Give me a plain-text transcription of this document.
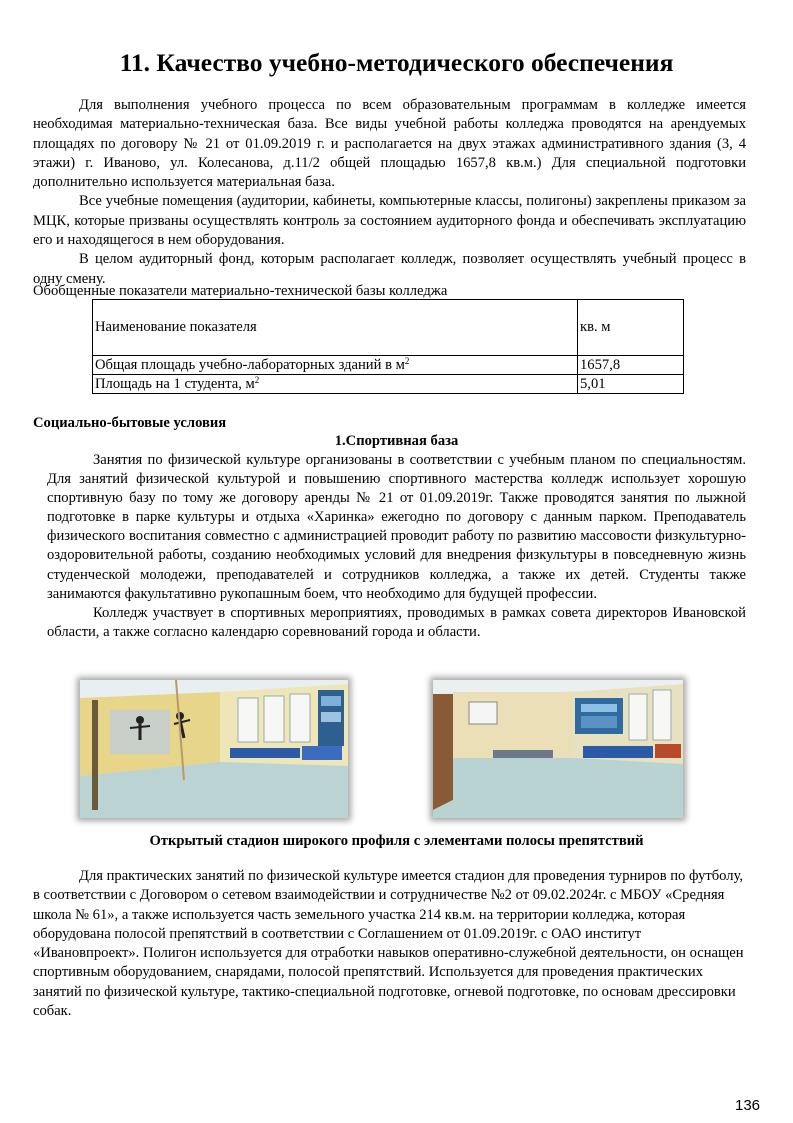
11. Качество учебно-методического обеспечения

Для выполнения учебного процесса по всем образовательным программам в колледже имеется необходимая материально-техническая база. Все виды учебной работы колледжа проводятся на арендуемых площадях по договору № 21 от 01.09.2019 г. и располагается на двух этажах административного здания (3, 4 этажи) г. Иваново, ул. Колесанова, д.11/2 общей площадью 1657,8 кв.м.) Для специальной подготовки дополнительно используется материальная база.

Все учебные помещения (аудитории, кабинеты, компьютерные классы, полигоны) закреплены приказом за МЦК, которые призваны осуществлять контроль за состоянием аудиторного фонда и обеспечивать эксплуатацию его и находящегося в нем оборудования.

В целом аудиторный фонд, которым располагает колледж, позволяет осуществлять учебный процесс в одну смену.

Обобщенные показатели материально-технической базы колледжа
Наименование показателя	кв. м
Общая площадь учебно-лабораторных зданий в $м^2$	1657,8
Площадь на 1 студента, $м^2$	5,01
Социально-бытовые условия
1.Спортивная база

Занятия по физической культуре организованы в соответствии с учебным планом по специальностям. Для занятий физической культурой и повышению спортивного мастерства колледж использует хорошую спортивную базу по тому же договору аренды № 21 от 01.09.2019г. Также проводятся занятия по лыжной подготовке в парке культуры и отдыха «Харинка» ежегодно по договору с данным парком. Преподаватель физического воспитания совместно с администрацией проводит работу по развитию массовости физкультурно-оздоровительной работы, созданию необходимых условий для внедрения физкультуры в повседневную жизнь студенческой молодежи, преподавателей и сотрудников колледжа, а также их детей. Студенты также занимаются факультативно рукопашным боем, что необходимо для будущей профессии.

Колледж участвует в спортивных мероприятиях, проводимых в рамках совета директоров Ивановской области, а также согласно календарю соревнований города и области.

Открытый стадион широкого профиля с элементами полосы препятствий

Для практических занятий по физической культуре имеется стадион для проведения турниров по футболу, в соответствии с Договором о сетевом взаимодействии и сотрудничестве №2 от 09.02.2024г. с МБОУ «Средняя школа № 61», а также используется часть земельного участка 214 кв.м. на территории колледжа, которая оборудована полосой препятствий в соответствии с Соглашением от 01.09.2019г. с ОАО институт «Ивановпроект». Полигон используется для отработки навыков оперативно-служебной деятельности, он оснащен спортивным оборудованием, снарядами, полосой препятствий. Используется для проведения практических занятий по физической культуре, тактико-специальной подготовке, огневой подготовке, по основам дрессировки собак.

136
